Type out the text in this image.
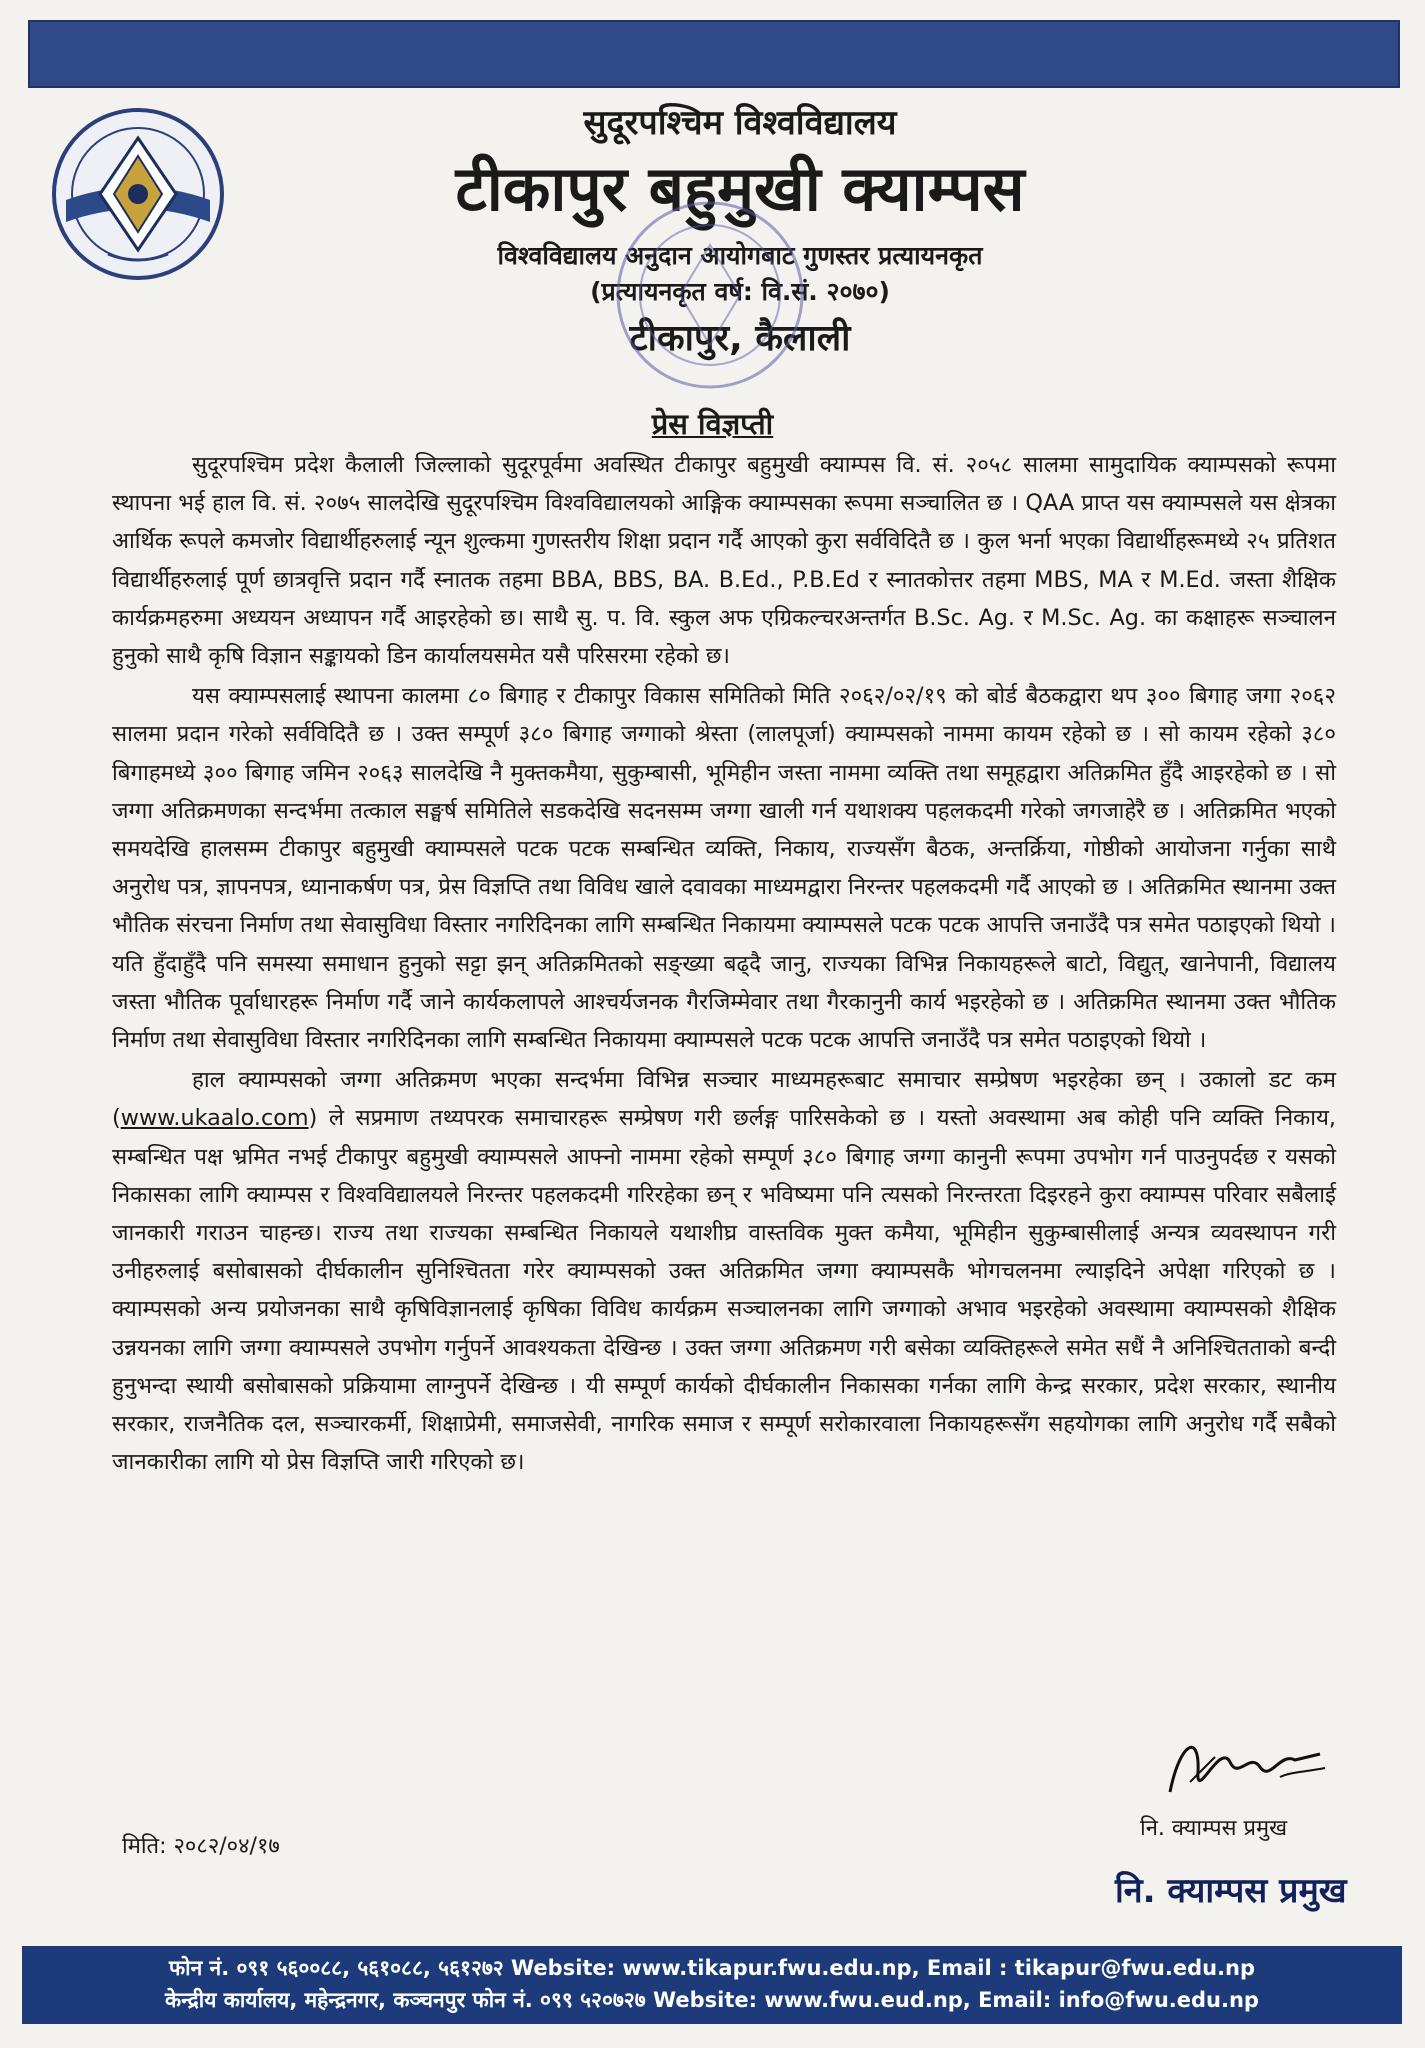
सुदूरपश्चिम विश्वविद्यालय
टीकापुर बहुमुखी क्याम्पस
विश्वविद्यालय अनुदान आयोगबाट गुणस्तर प्रत्यायनकृत
(प्रत्यायनकृत वर्ष: वि.सं. २०७०)
टीकापुर, कैलाली
प्रेस विज्ञप्ती

सुदूरपश्चिम प्रदेश कैलाली जिल्लाको सुदूरपूर्वमा अवस्थित टीकापुर बहुमुखी क्याम्पस वि. सं. २०५८ सालमा सामुदायिक क्याम्पसको रूपमा स्थापना भई हाल वि. सं. २०७५ सालदेखि सुदूरपश्चिम विश्वविद्यालयको आङ्गिक क्याम्पसका रूपमा सञ्चालित छ । QAA प्राप्त यस क्याम्पसले यस क्षेत्रका आर्थिक रूपले कमजोर विद्यार्थीहरुलाई न्यून शुल्कमा गुणस्तरीय शिक्षा प्रदान गर्दै आएको कुरा सर्वविदितै छ । कुल भर्ना भएका विद्यार्थीहरूमध्ये २५ प्रतिशत विद्यार्थीहरुलाई पूर्ण छात्रवृत्ति प्रदान गर्दै स्नातक तहमा BBA, BBS, BA. B.Ed., P.B.Ed र स्नातकोत्तर तहमा MBS, MA र M.Ed. जस्ता शैक्षिक कार्यक्रमहरुमा अध्ययन अध्यापन गर्दै आइरहेको छ। साथै सु. प. वि. स्कुल अफ एग्रिकल्चरअन्तर्गत B.Sc. Ag. र M.Sc. Ag. का कक्षाहरू सञ्चालन हुनुको साथै कृषि विज्ञान सङ्कायको डिन कार्यालयसमेत यसै परिसरमा रहेको छ।

यस क्याम्पसलाई स्थापना कालमा ८० बिगाह र टीकापुर विकास समितिको मिति २०६२/०२/१९ को बोर्ड बैठकद्वारा थप ३०० बिगाह जगा २०६२ सालमा प्रदान गरेको सर्वविदितै छ । उक्त सम्पूर्ण ३८० बिगाह जग्गाको श्रेस्ता (लालपूर्जा) क्याम्पसको नाममा कायम रहेको छ । सो कायम रहेको ३८० बिगाहमध्ये ३०० बिगाह जमिन २०६३ सालदेखि नै मुक्तकमैया, सुकुम्बासी, भूमिहीन जस्ता नाममा व्यक्ति तथा समूहद्वारा अतिक्रमित हुँदै आइरहेको छ । सो जग्गा अतिक्रमणका सन्दर्भमा तत्काल सङ्घर्ष समितिले सडकदेखि सदनसम्म जग्गा खाली गर्न यथाशक्य पहलकदमी गरेको जगजाहेरै छ । अतिक्रमित भएको समयदेखि हालसम्म टीकापुर बहुमुखी क्याम्पसले पटक पटक सम्बन्धित व्यक्ति, निकाय, राज्यसँग बैठक, अन्तर्क्रिया, गोष्ठीको आयोजना गर्नुका साथै अनुरोध पत्र, ज्ञापनपत्र, ध्यानाकर्षण पत्र, प्रेस विज्ञप्ति तथा विविध खाले दवावका माध्यमद्वारा निरन्तर पहलकदमी गर्दै आएको छ । अतिक्रमित स्थानमा उक्त भौतिक संरचना निर्माण तथा सेवासुविधा विस्तार नगरिदिनका लागि सम्बन्धित निकायमा क्याम्पसले पटक पटक आपत्ति जनाउँदै पत्र समेत पठाइएको थियो । यति हुँदाहुँदै पनि समस्या समाधान हुनुको सट्टा झन् अतिक्रमितको सङ्ख्या बढ्दै जानु, राज्यका विभिन्न निकायहरूले बाटो, विद्युत्, खानेपानी, विद्यालय जस्ता भौतिक पूर्वाधारहरू निर्माण गर्दै जाने कार्यकलापले आश्चर्यजनक गैरजिम्मेवार तथा गैरकानुनी कार्य भइरहेको छ । अतिक्रमित स्थानमा उक्त भौतिक निर्माण तथा सेवासुविधा विस्तार नगरिदिनका लागि सम्बन्धित निकायमा क्याम्पसले पटक पटक आपत्ति जनाउँदै पत्र समेत पठाइएको थियो ।

हाल क्याम्पसको जग्गा अतिक्रमण भएका सन्दर्भमा विभिन्न सञ्चार माध्यमहरूबाट समाचार सम्प्रेषण भइरहेका छन् । उकालो डट कम (www.ukaalo.com) ले सप्रमाण तथ्यपरक समाचारहरू सम्प्रेषण गरी छर्लङ्ग पारिसकेको छ । यस्तो अवस्थामा अब कोही पनि व्यक्ति निकाय, सम्बन्धित पक्ष भ्रमित नभई टीकापुर बहुमुखी क्याम्पसले आफ्नो नाममा रहेको सम्पूर्ण ३८० बिगाह जग्गा कानुनी रूपमा उपभोग गर्न पाउनुपर्दछ र यसको निकासका लागि क्याम्पस र विश्वविद्यालयले निरन्तर पहलकदमी गरिरहेका छन् र भविष्यमा पनि त्यसको निरन्तरता दिइरहने कुरा क्याम्पस परिवार सबैलाई जानकारी गराउन चाहन्छ। राज्य तथा राज्यका सम्बन्धित निकायले यथाशीघ्र वास्तविक मुक्त कमैया, भूमिहीन सुकुम्बासीलाई अन्यत्र व्यवस्थापन गरी उनीहरुलाई बसोबासको दीर्घकालीन सुनिश्चितता गरेर क्याम्पसको उक्त अतिक्रमित जग्गा क्याम्पसकै भोगचलनमा ल्याइदिने अपेक्षा गरिएको छ । क्याम्पसको अन्य प्रयोजनका साथै कृषिविज्ञानलाई कृषिका विविध कार्यक्रम सञ्चालनका लागि जग्गाको अभाव भइरहेको अवस्थामा क्याम्पसको शैक्षिक उन्नयनका लागि जग्गा क्याम्पसले उपभोग गर्नुपर्ने आवश्यकता देखिन्छ । उक्त जग्गा अतिक्रमण गरी बसेका व्यक्तिहरूले समेत सधैं नै अनिश्चितताको बन्दी हुनुभन्दा स्थायी बसोबासको प्रक्रियामा लाग्नुपर्ने देखिन्छ । यी सम्पूर्ण कार्यको दीर्घकालीन निकासका गर्नका लागि केन्द्र सरकार, प्रदेश सरकार, स्थानीय सरकार, राजनैतिक दल, सञ्चारकर्मी, शिक्षाप्रेमी, समाजसेवी, नागरिक समाज र सम्पूर्ण सरोकारवाला निकायहरूसँग सहयोगका लागि अनुरोध गर्दै सबैको जानकारीका लागि यो प्रेस विज्ञप्ति जारी गरिएको छ।

नि. क्याम्पस प्रमुख
मिति: २०८२/०४/१७
नि. क्याम्पस प्रमुख
फोन नं. ०९१ ५६००८८, ५६१०८८, ५६१२७२ Website: www.tikapur.fwu.edu.np, Email : tikapur@fwu.edu.np
केन्द्रीय कार्यालय, महेन्द्रनगर, कञ्चनपुर फोन नं. ०९९ ५२०७२७ Website: www.fwu.eud.np, Email: info@fwu.edu.np
